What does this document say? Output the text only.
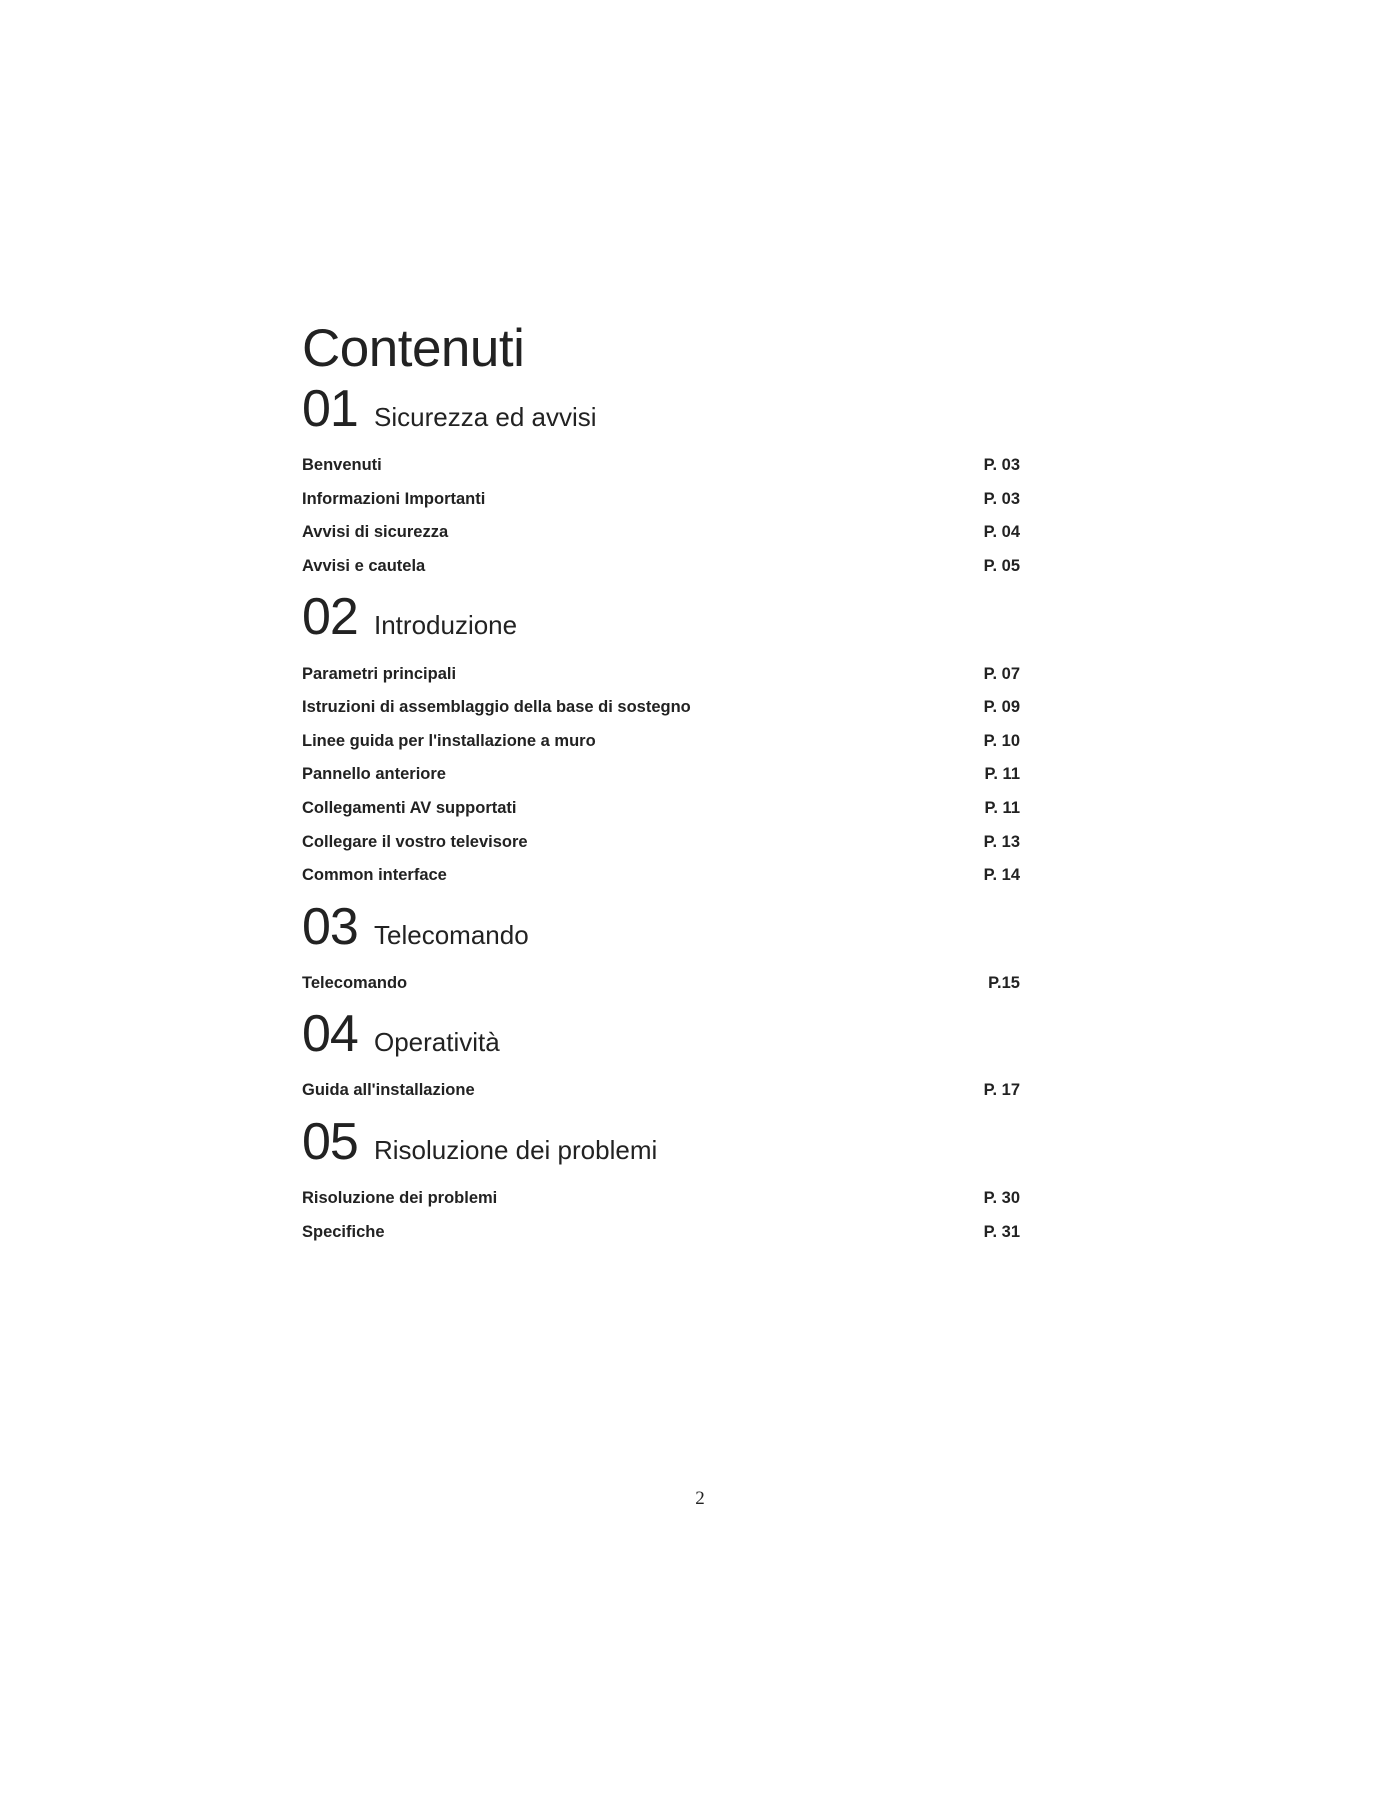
Contenuti
01 Sicurezza ed avvisi
Benvenuti	P. 03
Informazioni Importanti	P. 03
Avvisi di sicurezza	P. 04
Avvisi e cautela	P. 05
02 Introduzione
Parametri principali	P. 07
Istruzioni di assemblaggio della base di sostegno	P. 09
Linee guida per l'installazione a muro	P. 10
Pannello anteriore	P. 11
Collegamenti AV supportati	P. 11
Collegare il vostro televisore	P. 13
Common interface	P. 14
03 Telecomando
Telecomando	P.15
04 Operatività
Guida all'installazione	P. 17
05 Risoluzione dei problemi
Risoluzione dei problemi	P. 30
Specifiche	P. 31
2
